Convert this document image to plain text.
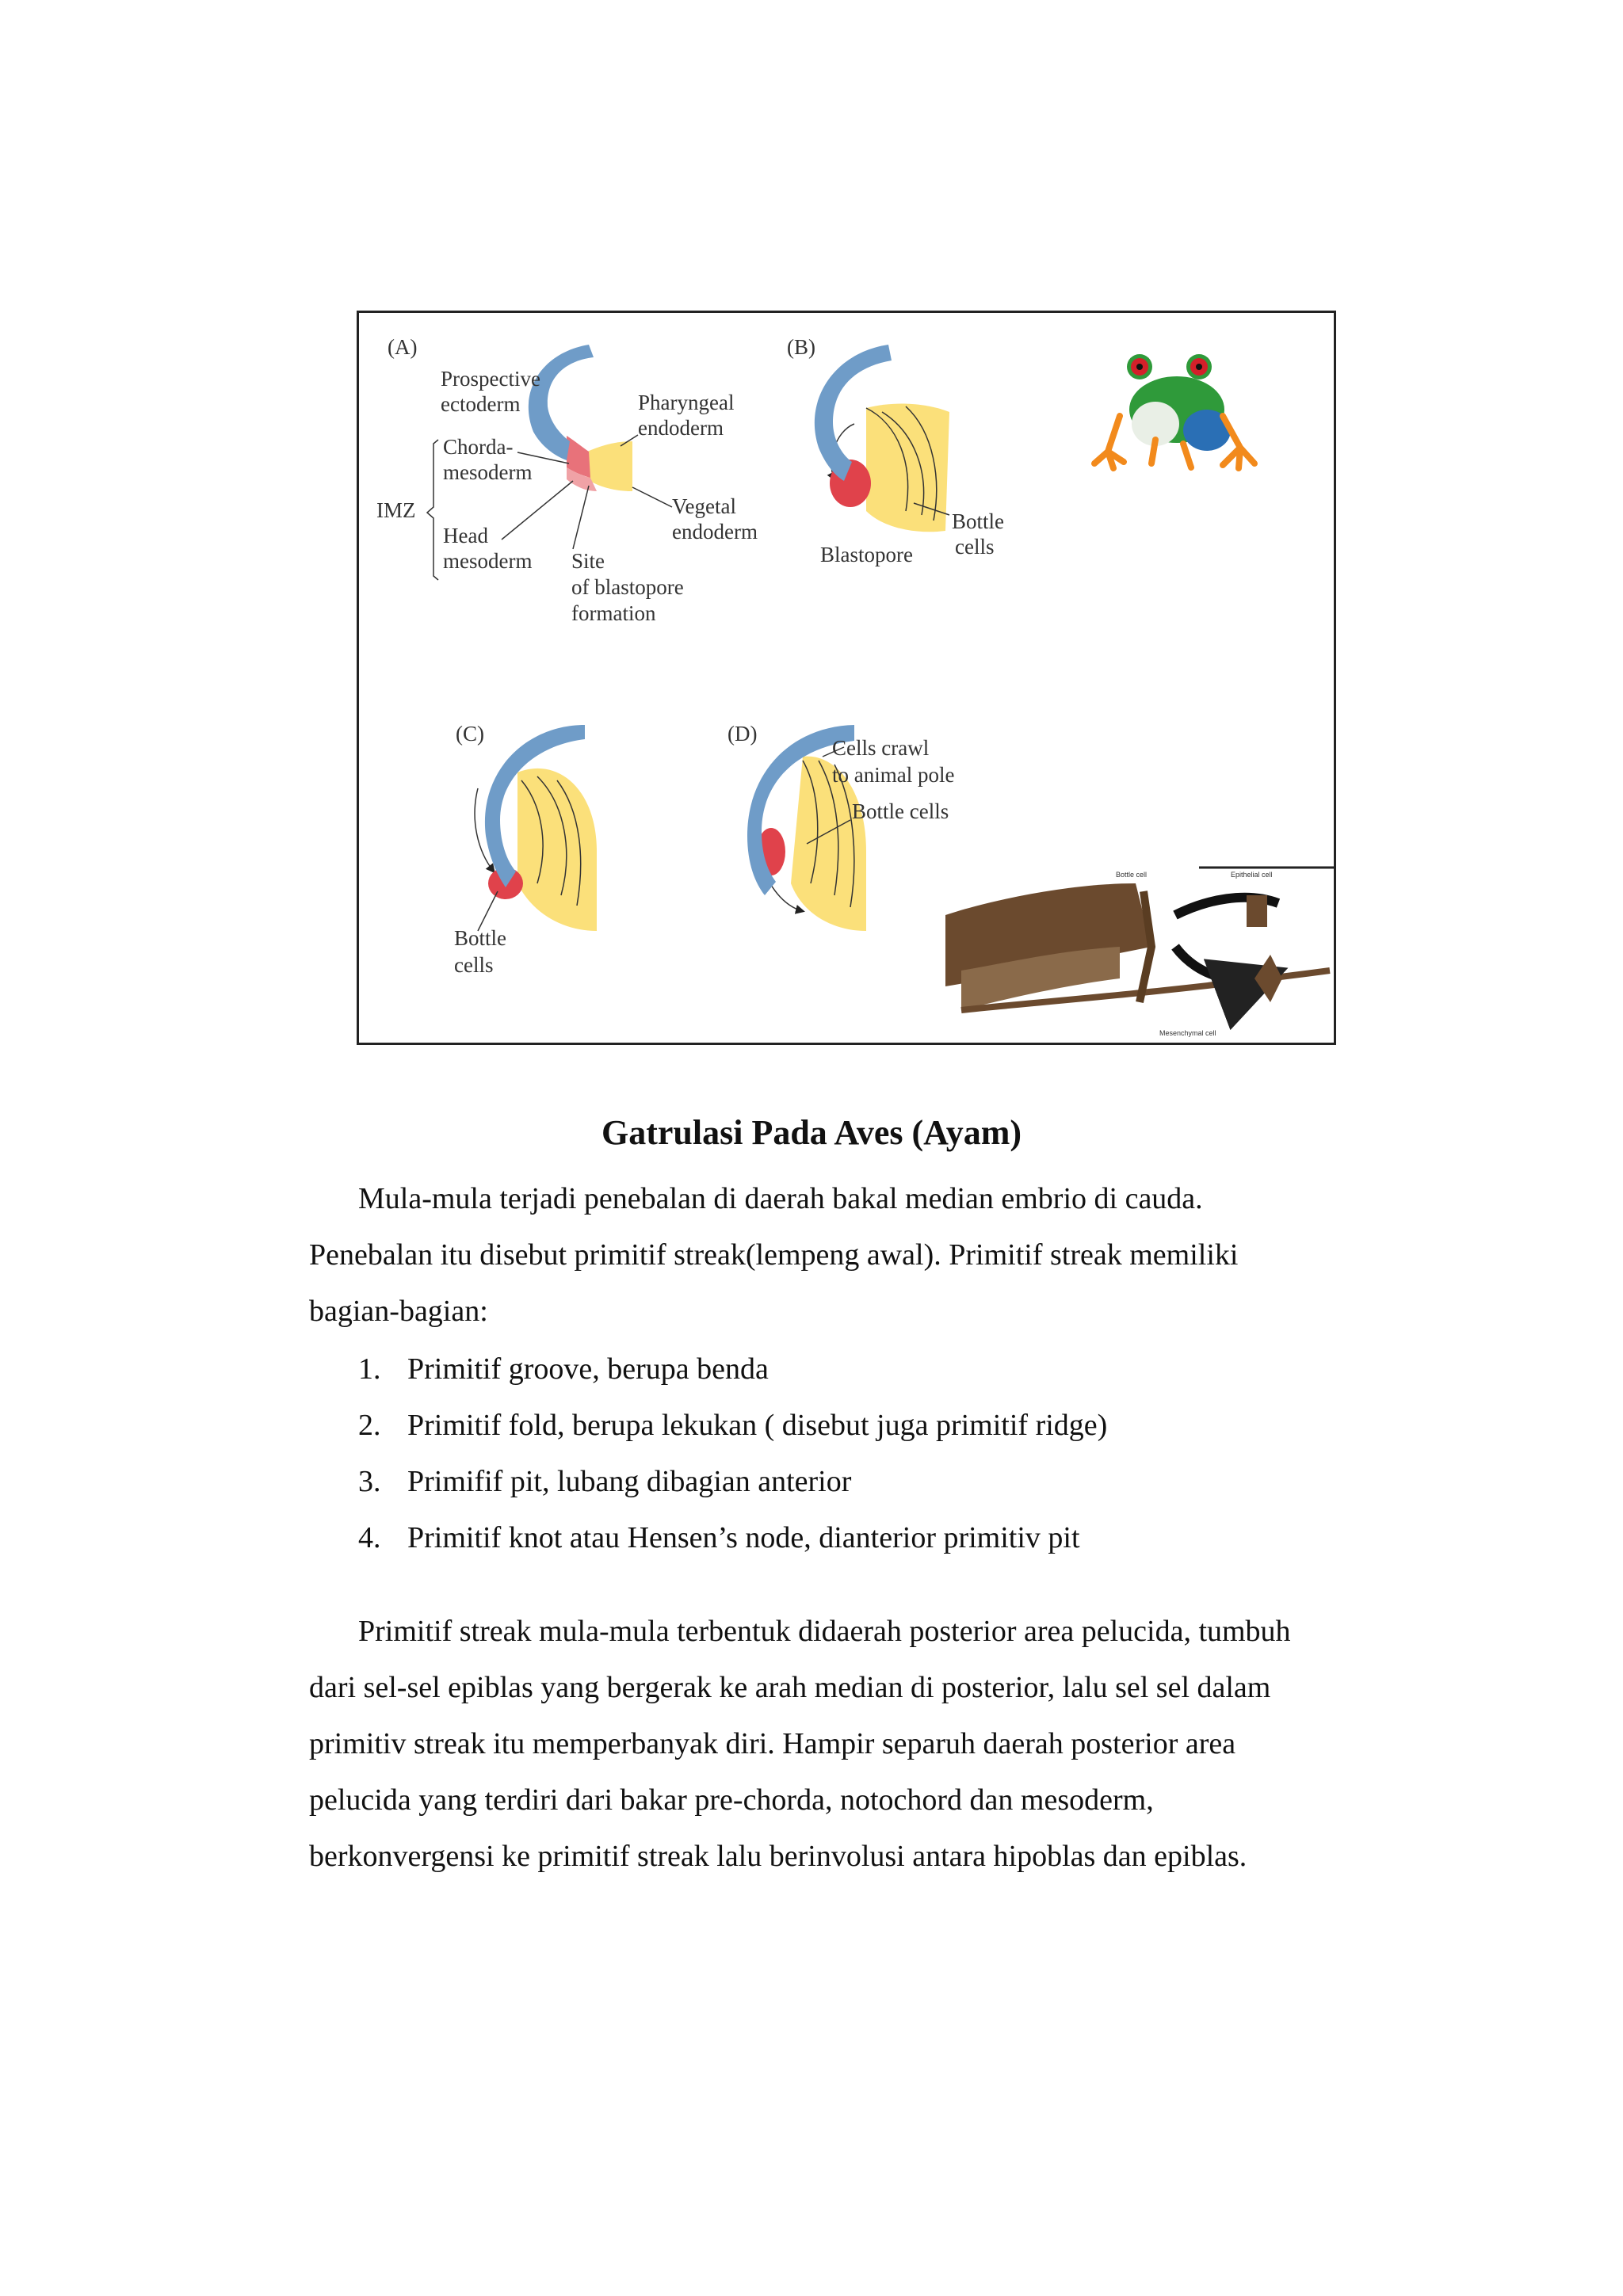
(A)
Prospective
ectoderm	Pharyngeal
endoderm
Chorda-
mesoderm
IMZ	Vegetal
endoderm
Head
mesoderm Site
of blastopore
formation
(B)
Bottle
cells
Blastopore
(C)
Bottle
cells
(D)
Cells crawl
to animal pole
Bottle cells
Bottle cell	Epithelial cell
Mesenchymal cell
Gatrulasi Pada Aves (Ayam)

Mula-mula terjadi penebalan di daerah bakal median embrio di cauda.

Penebalan itu disebut primitif streak(lempeng awal). Primitif streak memiliki

bagian-bagian:

1. Primitif groove, berupa benda
2. Primitif fold, berupa lekukan ( disebut juga primitif ridge)
3. Primifif pit, lubang dibagian anterior
4. Primitif knot atau Hensen’s node, dianterior primitiv pit

Primitif streak mula-mula terbentuk didaerah posterior area pelucida, tumbuh

dari sel-sel epiblas yang bergerak ke arah median di posterior, lalu sel sel dalam

primitiv streak itu memperbanyak diri. Hampir separuh daerah posterior area

pelucida yang terdiri dari bakar pre-chorda, notochord dan mesoderm,

berkonvergensi ke primitif streak lalu berinvolusi antara hipoblas dan epiblas.
